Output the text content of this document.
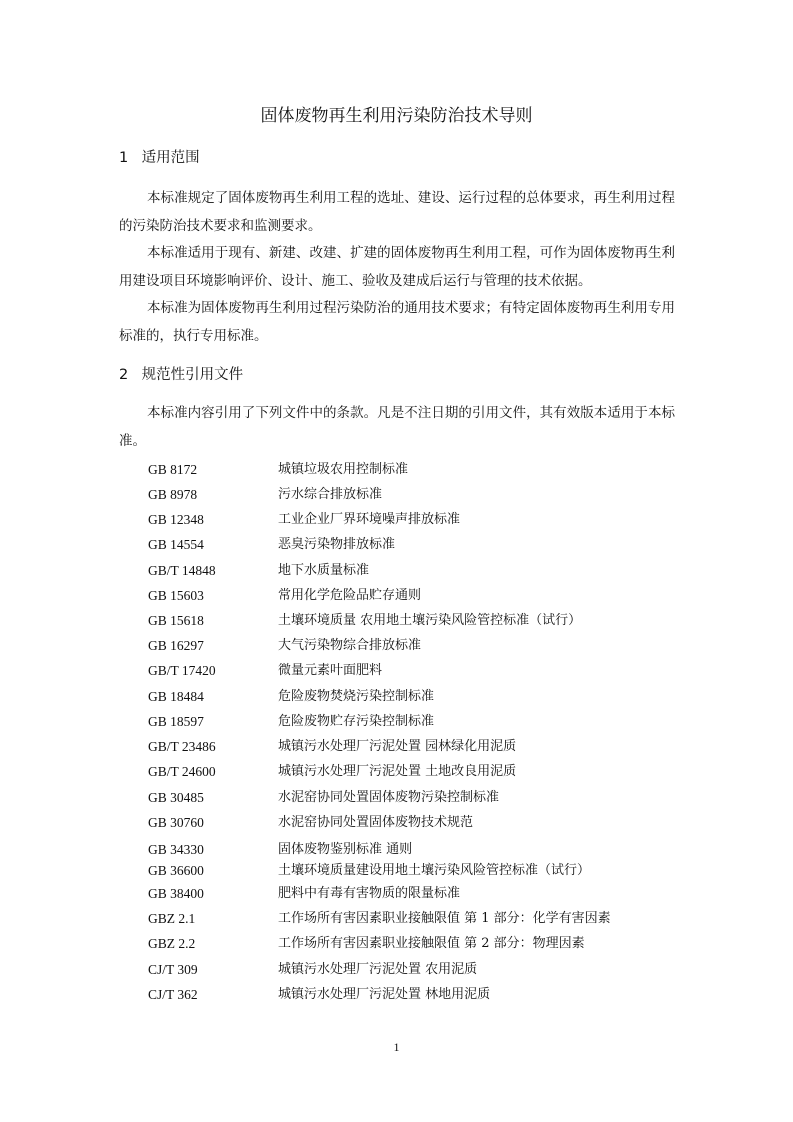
固体废物再生利用污染防治技术导则
1 适用范围

本标准规定了固体废物再生利用工程的选址、建设、运行过程的总体要求，再生利用过程的污染防治技术要求和监测要求。

本标准适用于现有、新建、改建、扩建的固体废物再生利用工程，可作为固体废物再生利用建设项目环境影响评价、设计、施工、验收及建成后运行与管理的技术依据。

本标准为固体废物再生利用过程污染防治的通用技术要求；有特定固体废物再生利用专用标准的，执行专用标准。

2 规范性引用文件

本标准内容引用了下列文件中的条款。凡是不注日期的引用文件，其有效版本适用于本标准。

GB 8172	城镇垃圾农用控制标准
GB 8978	污水综合排放标准
GB 12348	工业企业厂界环境噪声排放标准
GB 14554	恶臭污染物排放标准
GB/T 14848	地下水质量标准
GB 15603	常用化学危险品贮存通则
GB 15618	土壤环境质量 农用地土壤污染风险管控标准（试行）
GB 16297	大气污染物综合排放标准
GB/T 17420	微量元素叶面肥料
GB 18484	危险废物焚烧污染控制标准
GB 18597	危险废物贮存污染控制标准
GB/T 23486	城镇污水处理厂污泥处置 园林绿化用泥质
GB/T 24600	城镇污水处理厂污泥处置 土地改良用泥质
GB 30485	水泥窑协同处置固体废物污染控制标准
GB 30760	水泥窑协同处置固体废物技术规范
GB 34330	固体废物鉴别标准 通则
GB 36600	土壤环境质量建设用地土壤污染风险管控标准（试行）
GB 38400	肥料中有毒有害物质的限量标准
GBZ 2.1	工作场所有害因素职业接触限值 第 1 部分：化学有害因素
GBZ 2.2	工作场所有害因素职业接触限值 第 2 部分：物理因素
CJ/T 309	城镇污水处理厂污泥处置 农用泥质
CJ/T 362	城镇污水处理厂污泥处置 林地用泥质
1
